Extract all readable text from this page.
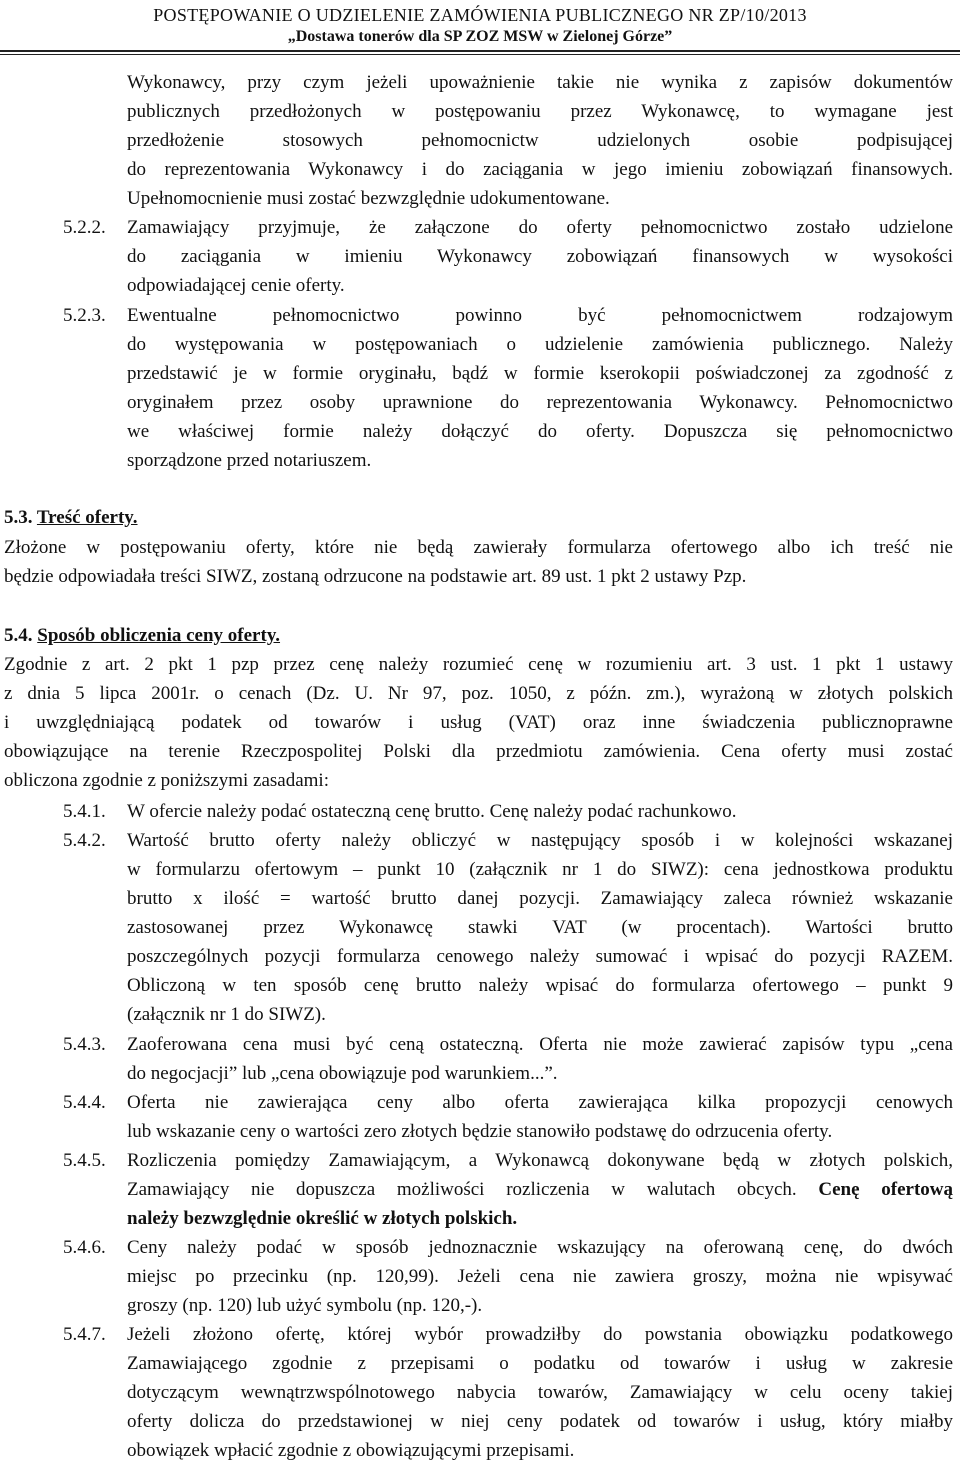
POSTĘPOWANIE O UDZIELENIE ZAMÓWIENIA PUBLICZNEGO NR ZP/10/2013
„Dostawa tonerów dla SP ZOZ MSW w Zielonej Górze”
Wykonawcy, przy czym jeżeli upoważnienie takie nie wynika z zapisów dokumentów
publicznych przedłożonych w postępowaniu przez Wykonawcę, to wymagane jest
przedłożenie stosowych pełnomocnictw udzielonych osobie podpisującej
do reprezentowania Wykonawcy i do zaciągania w jego imieniu zobowiązań finansowych.
Upełnomocnienie musi zostać bezwzględnie udokumentowane.
5.2.2. Zamawiający przyjmuje, że załączone do oferty pełnomocnictwo zostało udzielone
do zaciągania w imieniu Wykonawcy zobowiązań finansowych w wysokości
odpowiadającej cenie oferty.
5.2.3. Ewentualne pełnomocnictwo powinno być pełnomocnictwem rodzajowym
do występowania w postępowaniach o udzielenie zamówienia publicznego. Należy
przedstawić je w formie oryginału, bądź w formie kserokopii poświadczonej za zgodność z
oryginałem przez osoby uprawnione do reprezentowania Wykonawcy. Pełnomocnictwo
we właściwej formie należy dołączyć do oferty. Dopuszcza się pełnomocnictwo
sporządzone przed notariuszem.
5.3. Treść oferty.
Złożone w postępowaniu oferty, które nie będą zawierały formularza ofertowego albo ich treść nie
będzie odpowiadała treści SIWZ, zostaną odrzucone na podstawie art. 89 ust. 1 pkt 2 ustawy Pzp.
5.4. Sposób obliczenia ceny oferty.
Zgodnie z art. 2 pkt 1 pzp przez cenę należy rozumieć cenę w rozumieniu art. 3 ust. 1 pkt 1 ustawy
z dnia 5 lipca 2001r. o cenach (Dz. U. Nr 97, poz. 1050, z późn. zm.), wyrażoną w złotych polskich
i uwzględniającą podatek od towarów i usług (VAT) oraz inne świadczenia publicznoprawne
obowiązujące na terenie Rzeczpospolitej Polski dla przedmiotu zamówienia. Cena oferty musi zostać
obliczona zgodnie z poniższymi zasadami:
5.4.1. W ofercie należy podać ostateczną cenę brutto. Cenę należy podać rachunkowo.
5.4.2. Wartość brutto oferty należy obliczyć w następujący sposób i w kolejności wskazanej
w formularzu ofertowym – punkt 10 (załącznik nr 1 do SIWZ): cena jednostkowa produktu
brutto x ilość = wartość brutto danej pozycji. Zamawiający zaleca również wskazanie
zastosowanej przez Wykonawcę stawki VAT (w procentach). Wartości brutto
poszczególnych pozycji formularza cenowego należy sumować i wpisać do pozycji RAZEM.
Obliczoną w ten sposób cenę brutto należy wpisać do formularza ofertowego – punkt 9
(załącznik nr 1 do SIWZ).
5.4.3. Zaoferowana cena musi być ceną ostateczną. Oferta nie może zawierać zapisów typu „cena
do negocjacji” lub „cena obowiązuje pod warunkiem...”.
5.4.4. Oferta nie zawierająca ceny albo oferta zawierająca kilka propozycji cenowych
lub wskazanie ceny o wartości zero złotych będzie stanowiło podstawę do odrzucenia oferty.
5.4.5. Rozliczenia pomiędzy Zamawiającym, a Wykonawcą dokonywane będą w złotych polskich,
Zamawiający nie dopuszcza możliwości rozliczenia w walutach obcych. Cenę ofertową
należy bezwzględnie określić w złotych polskich.
5.4.6. Ceny należy podać w sposób jednoznacznie wskazujący na oferowaną cenę, do dwóch
miejsc po przecinku (np. 120,99). Jeżeli cena nie zawiera groszy, można nie wpisywać
groszy (np. 120) lub użyć symbolu (np. 120,-).
5.4.7. Jeżeli złożono ofertę, której wybór prowadziłby do powstania obowiązku podatkowego
Zamawiającego zgodnie z przepisami o podatku od towarów i usług w zakresie
dotyczącym wewnątrzwspólnotowego nabycia towarów, Zamawiający w celu oceny takiej
oferty dolicza do przedstawionej w niej ceny podatek od towarów i usług, który miałby
obowiązek wpłacić zgodnie z obowiązującymi przepisami.
